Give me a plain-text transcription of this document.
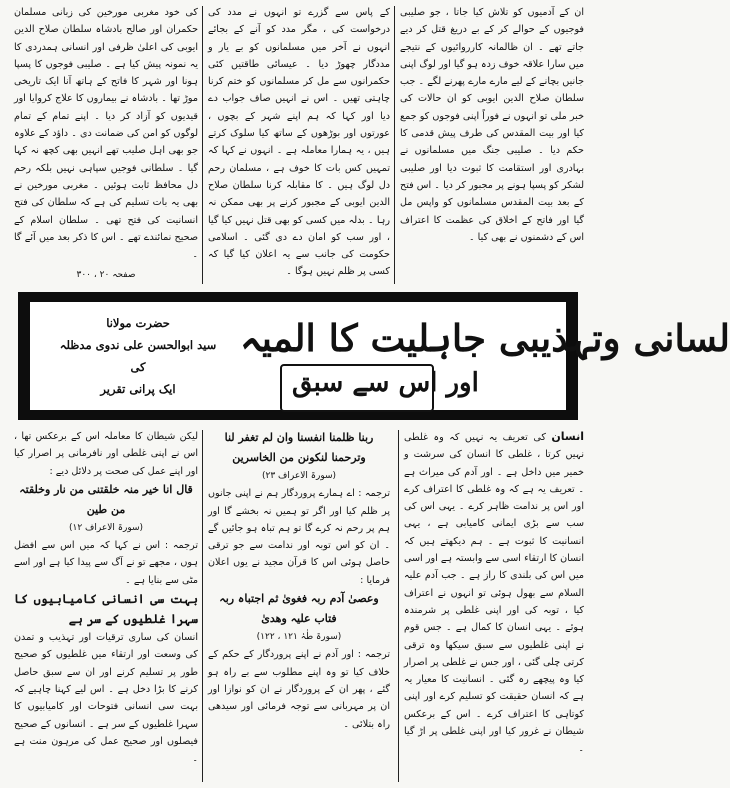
ان کے آدمیوں کو تلاش کیا جاتا ، جو صلیبی فوجیوں کے حوالے کر کے بے دریغ قتل کر دیے جاتے تھے ۔ ان ظالمانہ کارروائیوں کے نتیجے میں سارا علاقہ خوف زدہ ہو گیا اور لوگ اپنی جانیں بچانے کے لیے مارے مارے پھرنے لگے ۔ جب سلطان صلاح الدین ایوبی کو ان حالات کی خبر ملی تو انہوں نے فوراً اپنی فوجوں کو جمع کیا اور بیت المقدس کی طرف پیش قدمی کا حکم دیا ۔ صلیبی جنگ میں مسلمانوں نے بہادری اور استقامت کا ثبوت دیا اور صلیبی لشکر کو پسپا ہونے پر مجبور کر دیا ۔ اس فتح کے بعد بیت المقدس مسلمانوں کو واپس مل گیا اور فاتح کے اخلاق کی عظمت کا اعتراف اس کے دشمنوں نے بھی کیا ۔

کے پاس سے گزرے تو انہوں نے مدد کی درخواست کی ، مگر مدد کو آنے کے بجائے انہوں نے آخر میں مسلمانوں کو بے یار و مددگار چھوڑ دیا ۔ عیسائی طاقتیں کئی حکمرانوں سے مل کر مسلمانوں کو ختم کرنا چاہتی تھیں ۔ اس نے انہیں صاف جواب دے دیا اور کہا کہ ہم اپنے شہر کے بچوں ، عورتوں اور بوڑھوں کے ساتھ کیا سلوک کرتے ہیں ، یہ ہمارا معاملہ ہے ۔ انہوں نے کہا کہ تمہیں کس بات کا خوف ہے ، مسلمان رحم دل لوگ ہیں ۔ کا مقابلہ کرنا سلطان صلاح الدین ایوبی کے مجبور کرنے پر بھی ممکن نہ رہا ۔ بدلہ میں کسی کو بھی قتل نہیں کیا گیا ، اور سب کو امان دے دی گئی ۔ اسلامی حکومت کی جانب سے یہ اعلان کیا گیا کہ کسی پر ظلم نہیں ہوگا ۔

کی خود مغربی مورخین کی زبانی مسلمان حکمران اور صالح بادشاہ سلطان صلاح الدین ایوبی کی اعلیٰ ظرفی اور انسانی ہمدردی کا یہ نمونہ پیش کیا ہے ۔ صلیبی فوجوں کا پسپا ہونا اور شہر کا فاتح کے ہاتھ آنا ایک تاریخی موڑ تھا ۔ بادشاہ نے بیماروں کا علاج کروایا اور قیدیوں کو آزاد کر دیا ۔ اپنے تمام کے تمام لوگوں کو امن کی ضمانت دی ۔ داؤد کے علاوہ جو بھی اہل صلیب تھے انہیں بھی کچھ نہ کہا گیا ۔ سلطانی فوجیں سپاہی نہیں بلکہ رحم دل محافظ ثابت ہوئیں ۔ مغربی مورخین نے بھی یہ بات تسلیم کی ہے کہ سلطان کی فتح انسانیت کی فتح تھی ۔ سلطان اسلام کے صحیح نمائندے تھے ۔ اس کا ذکر بعد میں آئے گا ۔

صفحہ ۲۰ ، ۳۰۰
لسانی وتہذیبی جاہلیت کا المیہ
اور اس سے سبق
حضرت مولانا
سید ابوالحسن علی ندوی مدظلہ کی
ایک پرانی تقریر

انسان کی تعریف یہ نہیں کہ وہ غلطی نہیں کرتا ، غلطی کا انسان کی سرشت و خمیر میں داخل ہے ۔ اور آدم کی میراث ہے ۔ تعریف یہ ہے کہ وہ غلطی کا اعتراف کرے اور اس پر ندامت ظاہر کرے ۔ یہی اس کی سب سے بڑی ایمانی کامیابی ہے ، یہی انسانیت کا ثبوت ہے ۔ ہم دیکھتے ہیں کہ انسان کا ارتقاء اسی سے وابستہ ہے اور اسی میں اس کی بلندی کا راز ہے ۔ جب آدم علیہ السلام سے بھول ہوئی تو انہوں نے اعتراف کیا ، توبہ کی اور اپنی غلطی پر شرمندہ ہوئے ۔ یہی انسان کا کمال ہے ۔ جس قوم نے اپنی غلطیوں سے سبق سیکھا وہ ترقی کرتی چلی گئی ، اور جس نے غلطی پر اصرار کیا وہ پیچھے رہ گئی ۔ انسانیت کا معیار یہ ہے کہ انسان حقیقت کو تسلیم کرے اور اپنی کوتاہی کا اعتراف کرے ۔ اس کے برعکس شیطان نے غرور کیا اور اپنی غلطی پر اڑ گیا ۔

ربنا ظلمنا انفسنا وان لم تغفر لنا وترحمنا لنکونن من الخاسرین
(سورۃ الاعراف ۲۳)

ترجمہ : اے ہمارے پروردگار ہم نے اپنی جانوں پر ظلم کیا اور اگر تو ہمیں نہ بخشے گا اور ہم پر رحم نہ کرے گا تو ہم تباہ ہو جائیں گے ۔ ان کو اس توبہ اور ندامت سے جو ترقی حاصل ہوئی اس کا قرآن مجید نے یوں اعلان فرمایا :

وعصیٰ آدم ربہ فغویٰ ثم اجتباہ ربہ فتاب علیہ وھدیٰ
(سورۃ طٰہٰ ۱۲۱ ، ۱۲۲)

ترجمہ : اور آدم نے اپنے پروردگار کے حکم کے خلاف کیا تو وہ اپنے مطلوب سے بے راہ ہو گئے ، پھر ان کے پروردگار نے ان کو نوازا اور ان پر مہربانی سے توجہ فرمائی اور سیدھی راہ بتلائی ۔

لیکن شیطان کا معاملہ اس کے برعکس تھا ، اس نے اپنی غلطی اور نافرمانی پر اصرار کیا اور اپنے عمل کی صحت پر دلائل دیے :

قال انا خیر منہ خلقتنی من نار وخلقتہ من طین
(سورۃ الاعراف ۱۲)

ترجمہ : اس نے کہا کہ میں اس سے افضل ہوں ، مجھے تو نے آگ سے پیدا کیا ہے اور اسے مٹی سے بنایا ہے ۔

بہت سی انسانی کامیابیوں کا سہرا غلطیوں کے سر ہے

انسان کی ساری ترقیات اور تہذیب و تمدن کی وسعت اور ارتقاء میں غلطیوں کو صحیح طور پر تسلیم کرنے اور ان سے سبق حاصل کرنے کا بڑا دخل ہے ۔ اس لیے کہنا چاہیے کہ بہت سی انسانی فتوحات اور کامیابیوں کا سہرا غلطیوں کے سر ہے ۔ انسانوں کے صحیح فیصلوں اور صحیح عمل کی مرہون منت ہے ۔
